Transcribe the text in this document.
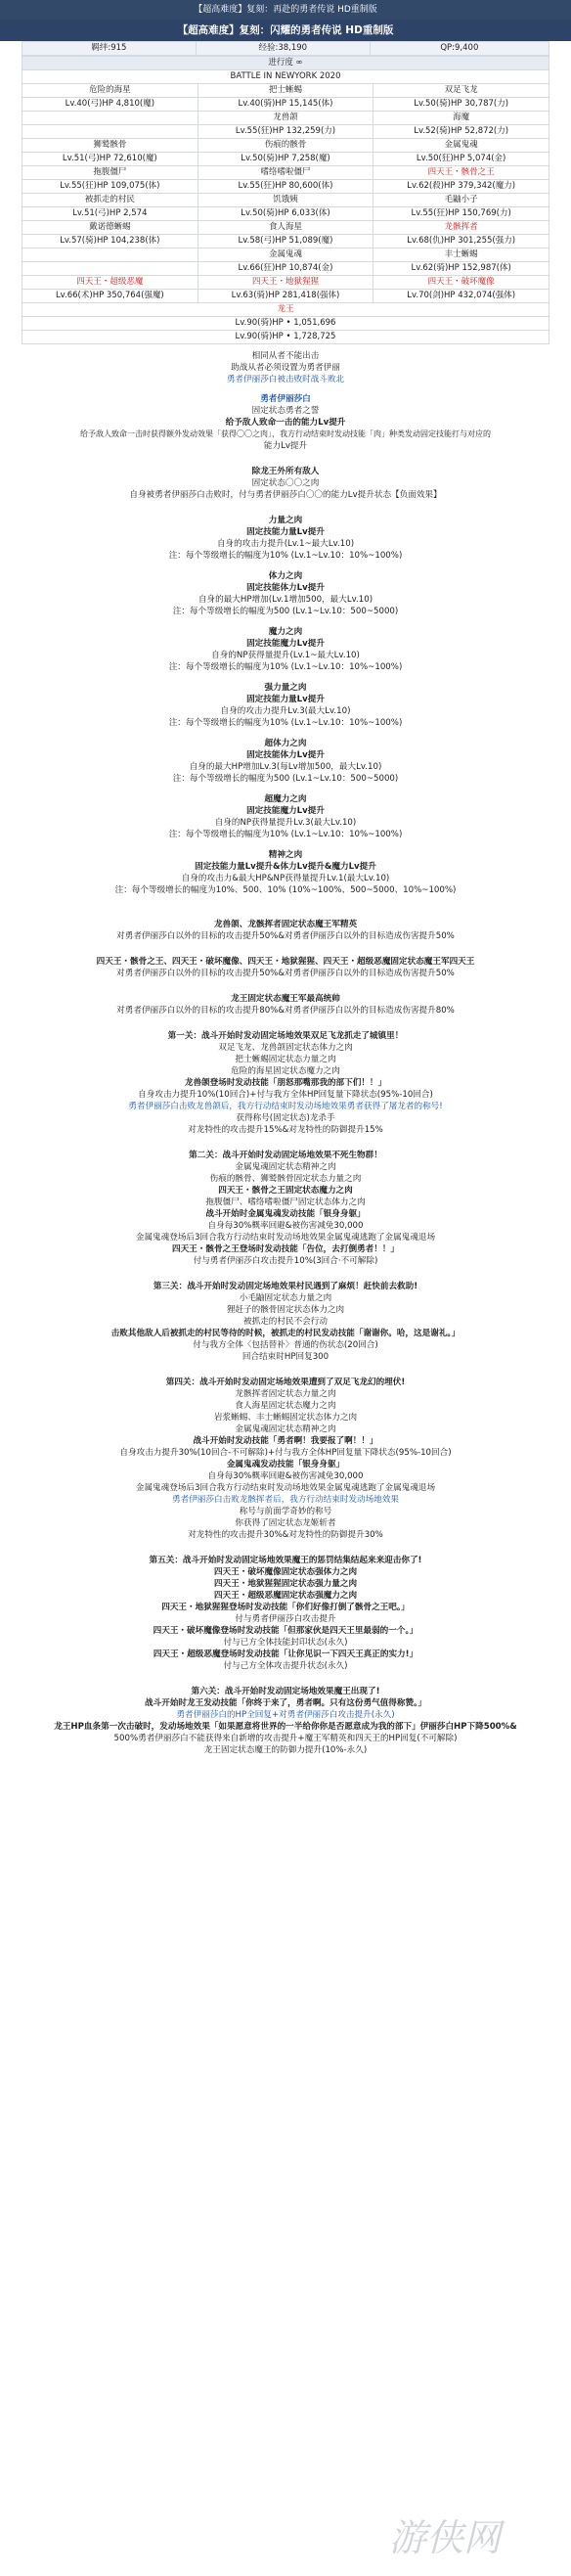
【超高难度】复刻：再赴的勇者传说 HD重制版
【超高难度】复刻：闪耀的勇者传说 HD重制版
羁绊:915	经验:38,190	QP:9,400
进行度 ∞		
BATTLE IN NEWYORK 2020		
危险的海星	把士蜥蜴	双足飞龙
Lv.40(弓)HP 4,810(魔)	Lv.40(骑)HP 15,145(体)	Lv.50(骑)HP 30,787(力)
	龙兽颌	海魔
	Lv.55(狂)HP 132,259(力)	Lv.52(骑)HP 52,872(力)
狮鹫骸骨	伤痕的骸骨	金属鬼魂
Lv.51(弓)HP 72,610(魔)	Lv.50(骑)HP 7,258(魔)	Lv.50(狂)HP 5,074(金)
拖腹僵尸	嗜络嗜啦僵尸	四天王・骸骨之王
Lv.55(狂)HP 109,075(体)	Lv.55(狂)HP 80,600(体)	Lv.62(殺)HP 379,342(魔力)
被抓走的村民	饥饿姨	毛鼬小子
Lv.51(弓)HP 2,574	Lv.50(骑)HP 6,033(体)	Lv.55(狂)HP 150,769(力)
戴诺德蜥蜴	食人海星	龙骸挥者
Lv.57(骑)HP 104,238(体)	Lv.58(弓)HP 51,089(魔)	Lv.68(仇)HP 301,255(强力)
	金属鬼魂	丰士蜥蜴
	Lv.66(狂)HP 10,874(金)	Lv.62(骑)HP 152,987(体)
四天王・超级恶魔	四天王・地狱猩猩	四天王・破坏魔像
Lv.66(术)HP 350,764(强魔)	Lv.63(骑)HP 281,418(强体)	Lv.70(剑)HP 432,074(强体)
龙王		
Lv.90(骑)HP • 1,051,696		
Lv.90(骑)HP • 1,728,725		

相同从者不能出击

助战从者必须设置为勇者伊丽

勇者伊丽莎白被击败时战斗败北

勇者伊丽莎白

固定状态勇者之誓

给予敌人致命一击的能力Lv提升

给予敌人致命一击时获得额外发动效果「获得〇〇之肉」，我方行动结束时发动技能「肉」种类发动固定技能打与对应的

能力Lv提升

除龙王外所有敌人

固定状态〇〇之肉

自身被勇者伊丽莎白击败时，付与勇者伊丽莎白〇〇的能力Lv提升状态【负面效果】

力量之肉

固定技能力量Lv提升

自身的攻击力提升(Lv.1~最大Lv.10)

注：每个等级增长的幅度为10% (Lv.1~Lv.10：10%~100%)

体力之肉

固定技能体力Lv提升

自身的最大HP增加(Lv.1增加500，最大Lv.10)

注：每个等级增长的幅度为500 (Lv.1~Lv.10：500~5000)

魔力之肉

固定技能魔力Lv提升

自身的NP获得量提升(Lv.1~最大Lv.10)

注：每个等级增长的幅度为10% (Lv.1~Lv.10：10%~100%)

强力量之肉

固定技能力量Lv提升

自身的攻击力提升Lv.3(最大Lv.10)

注：每个等级增长的幅度为10% (Lv.1~Lv.10：10%~100%)

超体力之肉

固定技能体力Lv提升

自身的最大HP增加Lv.3(每Lv增加500，最大Lv.10)

注：每个等级增长的幅度为500 (Lv.1~Lv.10：500~5000)

超魔力之肉

固定技能魔力Lv提升

自身的NP获得量提升Lv.3(最大Lv.10)

注：每个等级增长的幅度为10% (Lv.1~Lv.10：10%~100%)

精神之肉

固定技能力量Lv提升&体力Lv提升&魔力Lv提升

自身的攻击力&最大HP&NP获得量提升Lv.1(最大Lv.10)

注：每个等级增长的幅度为10%、500、10% (10%~100%、500~5000、10%~100%)

龙兽颌、龙骸挥者固定状态魔王军精英

对勇者伊丽莎白以外的目标的攻击提升50%&对勇者伊丽莎白以外的目标造成伤害提升50%

四天王・骸骨之王、四天王・破坏魔像、四天王・地狱猩猩、四天王・超级恶魔固定状态魔王军四天王

对勇者伊丽莎白以外的目标的攻击提升50%&对勇者伊丽莎白以外的目标造成伤害提升50%

龙王固定状态魔王军最高统帅

对勇者伊丽莎白以外的目标的攻击提升80%&对勇者伊丽莎白以外的目标造成伤害提升80%

第一关：战斗开始时发动固定场地效果双足飞龙抓走了城镇里！

双足飞龙、龙兽颌固定状态体力之肉

把士蜥蜴固定状态力量之肉

危险的海星固定状态魔力之肉

龙兽颌登场时发动技能「朋怒那嘴那我的部下们！！」

自身攻击力提升10%(10回合)+付与我方全体HP回复量下降状态(95%-10回合)

勇者伊丽莎白击败龙兽颌后，我方行动结束时发动场地效果勇者获得了屠龙者的称号!

获得称号(固定状态)龙杀手

对龙特性的攻击提升15%&对龙特性的防御提升15%

第二关：战斗开始时发动固定场地效果不死生物群！

金属鬼魂固定状态精神之肉

伤痕的骸骨、狮鹫骸骨固定状态力量之肉

四天王・骸骨之王固定状态魔力之肉

拖腹僵尸、嗜络嗜啦僵尸固定状态体力之肉

战斗开始时金属鬼魂发动技能「银身身躯」

自身每30%概率回避&被伤害减免30,000

金属鬼魂登场后3回合我方行动结束时发动场地效果金属鬼魂逃跑了金属鬼魂退场

四天王・骸骨之王登场时发动技能「告位，去打倒勇者！！」

付与勇者伊丽莎白攻击提升10%(3回合·不可解除)

第三关：战斗开始时发动固定场地效果村民遇到了麻烦！赶快前去救助!

小毛鼬固定状态力量之肉

狸赶子的骸骨固定状态体力之肉

被抓走的村民不会行动

击败其他敌人后被抓走的村民等待的时候，被抓走的村民发动技能「谢谢你。哈，这是谢礼。」

付与我方全体〈包括替补〉普通的伤状态(20回合)

回合结束时HP回复300

第四关：战斗开始时发动固定场地效果遭到了双足飞龙幻的埋伏!

龙骸挥者固定状态力量之肉

食人海星固定状态魔力之肉

岩浆蜥蜴、丰士蜥蜴固定状态体力之肉

金属鬼魂固定状态精神之肉

战斗开始时发动技能「勇者啊！我要报了啊！！」

自身攻击力提升30%(10回合-不可解除)+付与我方全体HP回复量下降状态(95%-10回合)

金属鬼魂发动技能「银身身躯」

自身每30%概率回避&被伤害减免30,000

金属鬼魂登场后3回合我方行动结束时发动场地效果金属鬼魂逃跑了金属鬼魂退场

勇者伊丽莎白击败龙骸挥者后，我方行动结束时发动场地效果

称号与前面学奇妙的称号

你获得了固定状态龙姬斩者

对龙特性的攻击提升30%&对龙特性的防御提升30%

第五关：战斗开始时发动固定场地效果魔王的惩罚结集结起来来迎击你了!

四天王・破坏魔像固定状态强体力之肉

四天王・地狱猩猩固定状态强力量之肉

四天王・超级恶魔固定状态强魔力之肉

四天王・地狱猩猩登场时发动技能「你们好像打倒了骸骨之王吧。」

付与勇者伊丽莎白攻击提升

四天王・破坏魔像登场时发动技能「但那家伙是四天王里最弱的一个。」

付与已方全体技能封印状态(永久)

四天王・超级恶魔登场时发动技能「让你见识一下四天王真正的实力!」

付与己方全体攻击提升状态(永久)

第六关：战斗开始时发动固定场地效果魔王出现了!

战斗开始时龙王发动技能「你终于来了，勇者啊。只有这份勇气值得称赞。」

勇者伊丽莎白的HP全回复+对勇者伊丽莎白攻击提升(永久)

龙王HP血条第一次击破时，发动场地效果「如果愿意将世界的一半给你你是否愿意成为我的部下」伊丽莎白HP下降500%&

500%勇者伊丽莎白不能获得来自新增的攻击提升+魔王军精英和四天王的HP回复(不可解除)

龙王固定状态魔王的防御力提升(10%-永久)

游侠网
